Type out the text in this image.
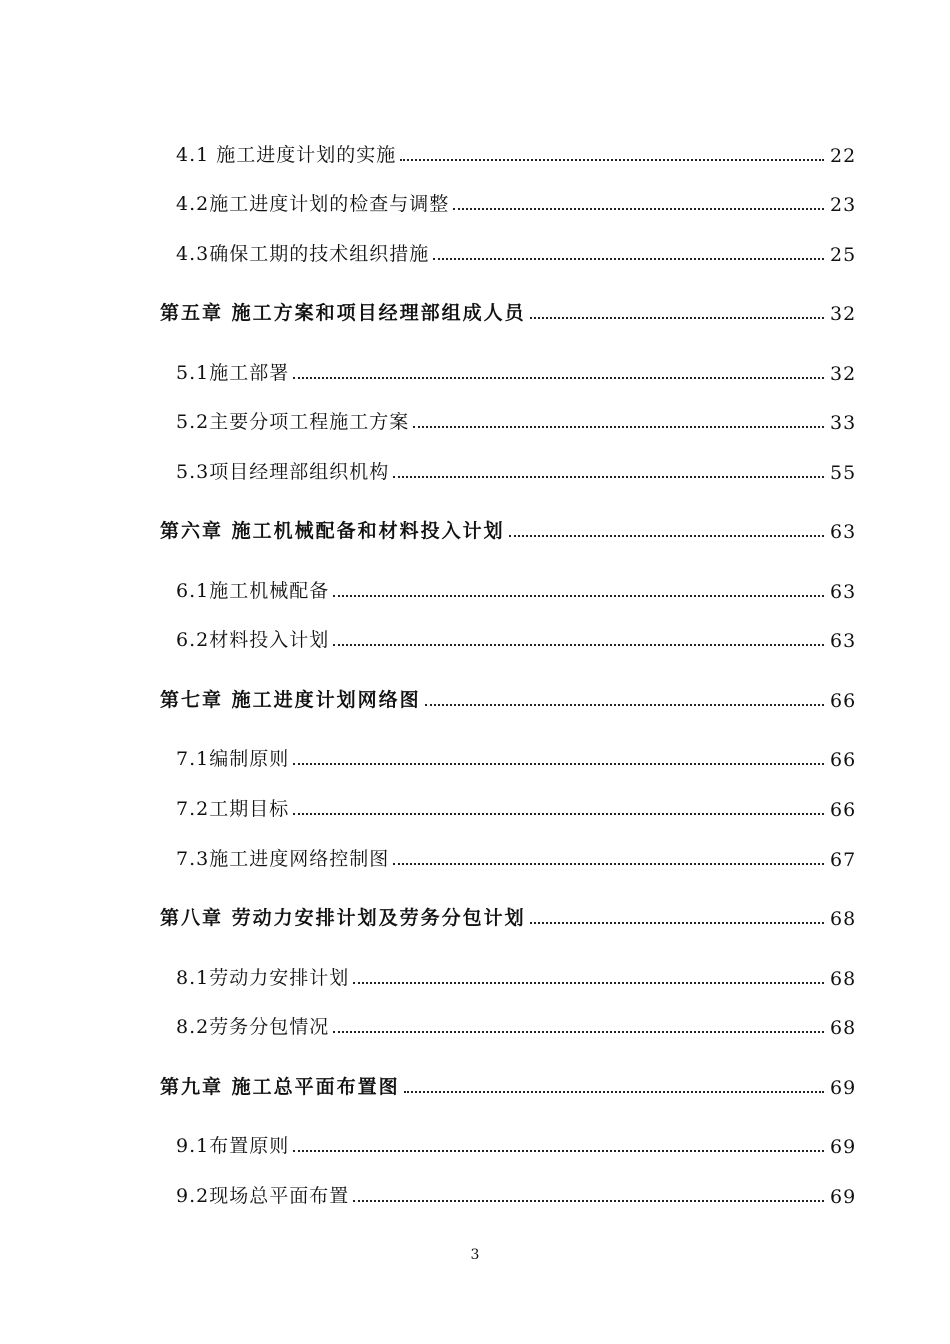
4.1 施工进度计划的实施	22
4.2施工进度计划的检查与调整	23
4.3确保工期的技术组织措施	25
第五章 施工方案和项目经理部组成人员	32
5.1施工部署	32
5.2主要分项工程施工方案	33
5.3项目经理部组织机构	55
第六章 施工机械配备和材料投入计划	63
6.1施工机械配备	63
6.2材料投入计划	63
第七章 施工进度计划网络图	66
7.1编制原则	66
7.2工期目标	66
7.3施工进度网络控制图	67
第八章 劳动力安排计划及劳务分包计划	68
8.1劳动力安排计划	68
8.2劳务分包情况	68
第九章 施工总平面布置图	69
9.1布置原则	69
9.2现场总平面布置	69
3
